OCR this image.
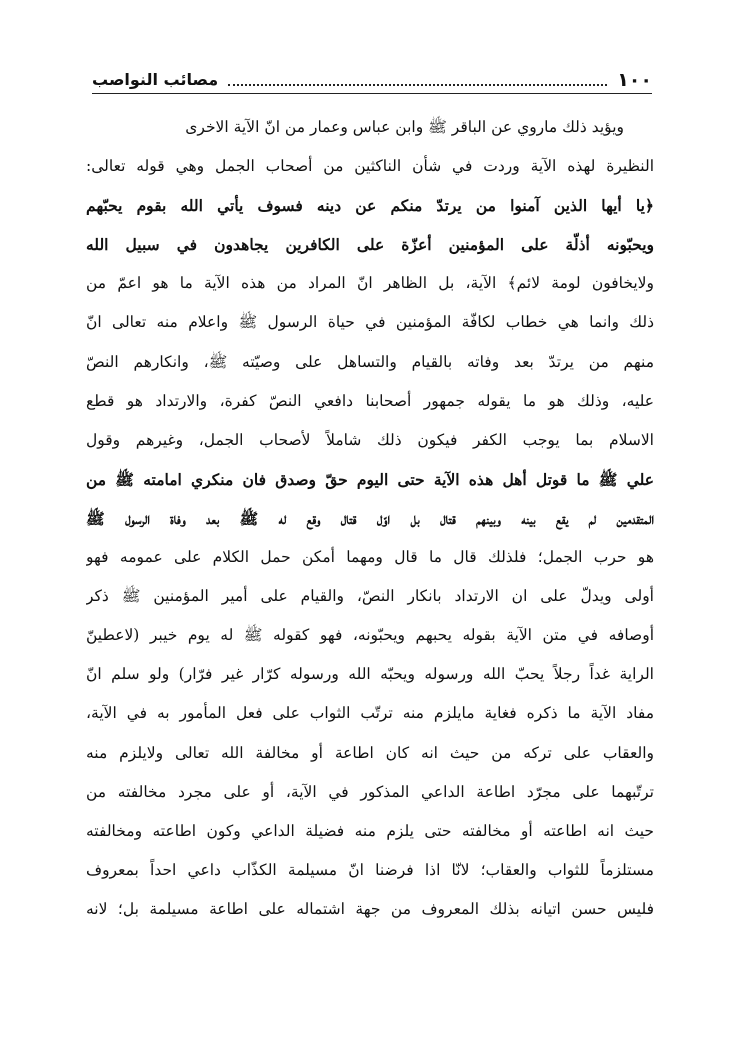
١٠٠
مصائب النواصب
ويؤيد ذلك ماروي عن الباقر ﷺ وابن عباس وعمار من انّ الآية الاخرى
النظيرة لهذه الآية وردت في شأن الناكثين من أصحاب الجمل وهي قوله تعالى:
﴿يا أيها الذين آمنوا من يرتدّ منكم عن دينه فسوف يأتي الله بقوم يحبّهم
ويحبّونه أذلّة على المؤمنين أعزّة على الكافرين يجاهدون في سبيل الله
ولايخافون لومة لائم﴾ الآية، بل الظاهر انّ المراد من هذه الآية ما هو اعمّ من
ذلك وانما هي خطاب لكافّة المؤمنين في حياة الرسول ﷺ واعلام منه تعالى انّ
منهم من يرتدّ بعد وفاته بالقيام والتساهل على وصيّته ﷺ، وانكارهم النصّ
عليه، وذلك هو ما يقوله جمهور أصحابنا دافعي النصّ كفرة، والارتداد هو قطع
الاسلام بما يوجب الكفر فيكون ذلك شاملاً لأصحاب الجمل، وغيرهم وقول
علي ﷺ ما قوتل أهل هذه الآية حتى اليوم حقّ وصدق فان منكري امامته ﷺ من
المتقدمين لم يقع بينه وبينهم قتال بل اوّل قتال وقع له ﷺ بعد وفاة الرسول ﷺ
هو حرب الجمل؛ فلذلك قال ما قال ومهما أمكن حمل الكلام على عمومه فهو
أولى ويدلّ على ان الارتداد بانكار النصّ، والقيام على أمير المؤمنين ﷺ ذكر
أوصافه في متن الآية بقوله يحبهم ويحبّونه، فهو كقوله ﷺ له يوم خيبر (لاعطينّ
الراية غداً رجلاً يحبّ الله ورسوله ويحبّه الله ورسوله كرّار غير فرّار) ولو سلم انّ
مفاد الآية ما ذكره فغاية مايلزم منه ترتّب الثواب على فعل المأمور به في الآية،
والعقاب على تركه من حيث انه كان اطاعة أو مخالفة الله تعالى ولايلزم منه
ترتّبهما على مجرّد اطاعة الداعي المذكور في الآية، أو على مجرد مخالفته من
حيث انه اطاعته أو مخالفته حتى يلزم منه فضيلة الداعي وكون اطاعته ومخالفته
مستلزماً للثواب والعقاب؛ لانّا اذا فرضنا انّ مسيلمة الكذّاب داعي احداً بمعروف
فليس حسن اتيانه بذلك المعروف من جهة اشتماله على اطاعة مسيلمة بل؛ لانه
